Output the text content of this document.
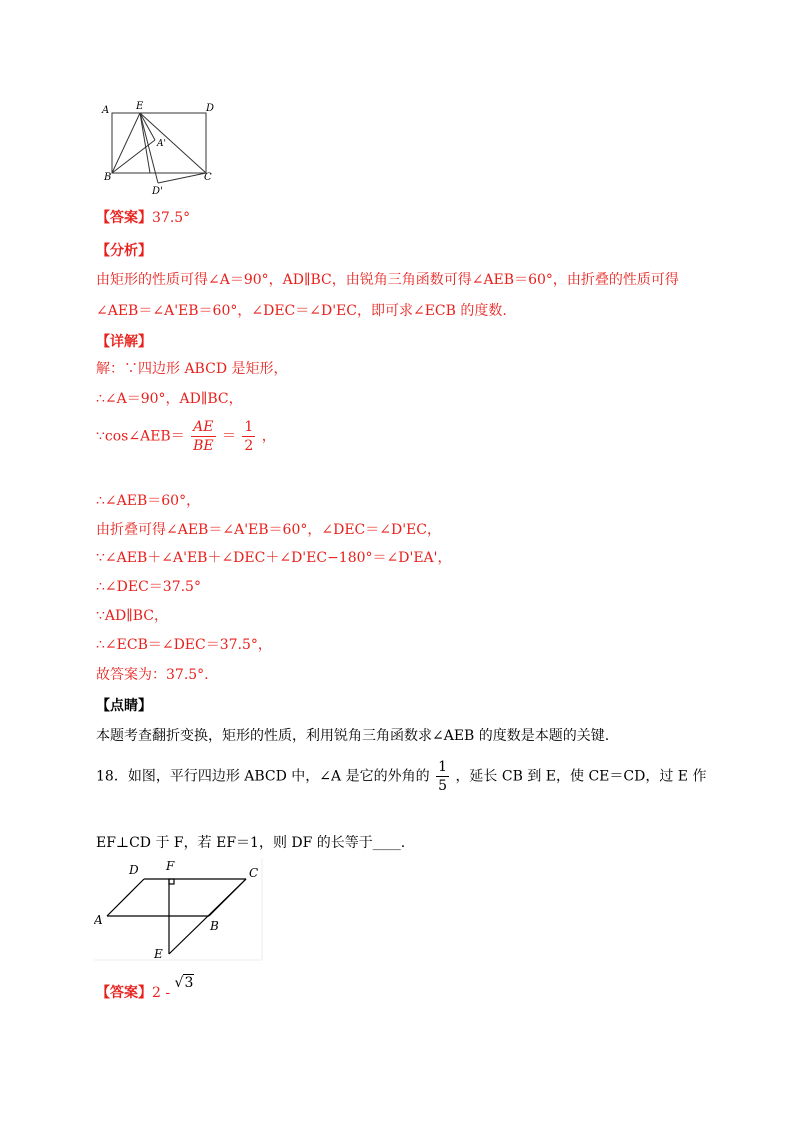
A	E	D
A'
B	C
D'
【答案】37.5°
【分析】
由矩形的性质可得∠A＝90°，AD∥BC，由锐角三角函数可得∠AEB＝60°，由折叠的性质可得
∠AEB＝∠A'EB＝60°，∠DEC＝∠D'EC，即可求∠ECB 的度数.
【详解】
解：∵四边形 ABCD 是矩形，
∴∠A＝90°，AD∥BC，
∵cos∠AEB＝ $\frac{AE}{BE} = \frac{1}{2}$ ，
∴∠AEB＝60°，
由折叠可得∠AEB＝∠A'EB＝60°，∠DEC＝∠D'EC，
∵∠AEB＋∠A'EB＋∠DEC＋∠D'EC−180°＝∠D'EA'，
∴∠DEC＝37.5°
∵AD∥BC，
∴∠ECB＝∠DEC＝37.5°，
故答案为：37.5°.
【点睛】
本题考查翻折变换，矩形的性质，利用锐角三角函数求∠AEB 的度数是本题的关键.
18．如图，平行四边形 ABCD 中，∠A 是它的外角的 $\frac{1}{5}$ ，延长 CB 到 E，使 CE＝CD，过 E 作
EF⊥CD 于 F，若 EF＝1，则 DF 的长等于____.
D F	C
A	B
E
【答案】2 - √3
